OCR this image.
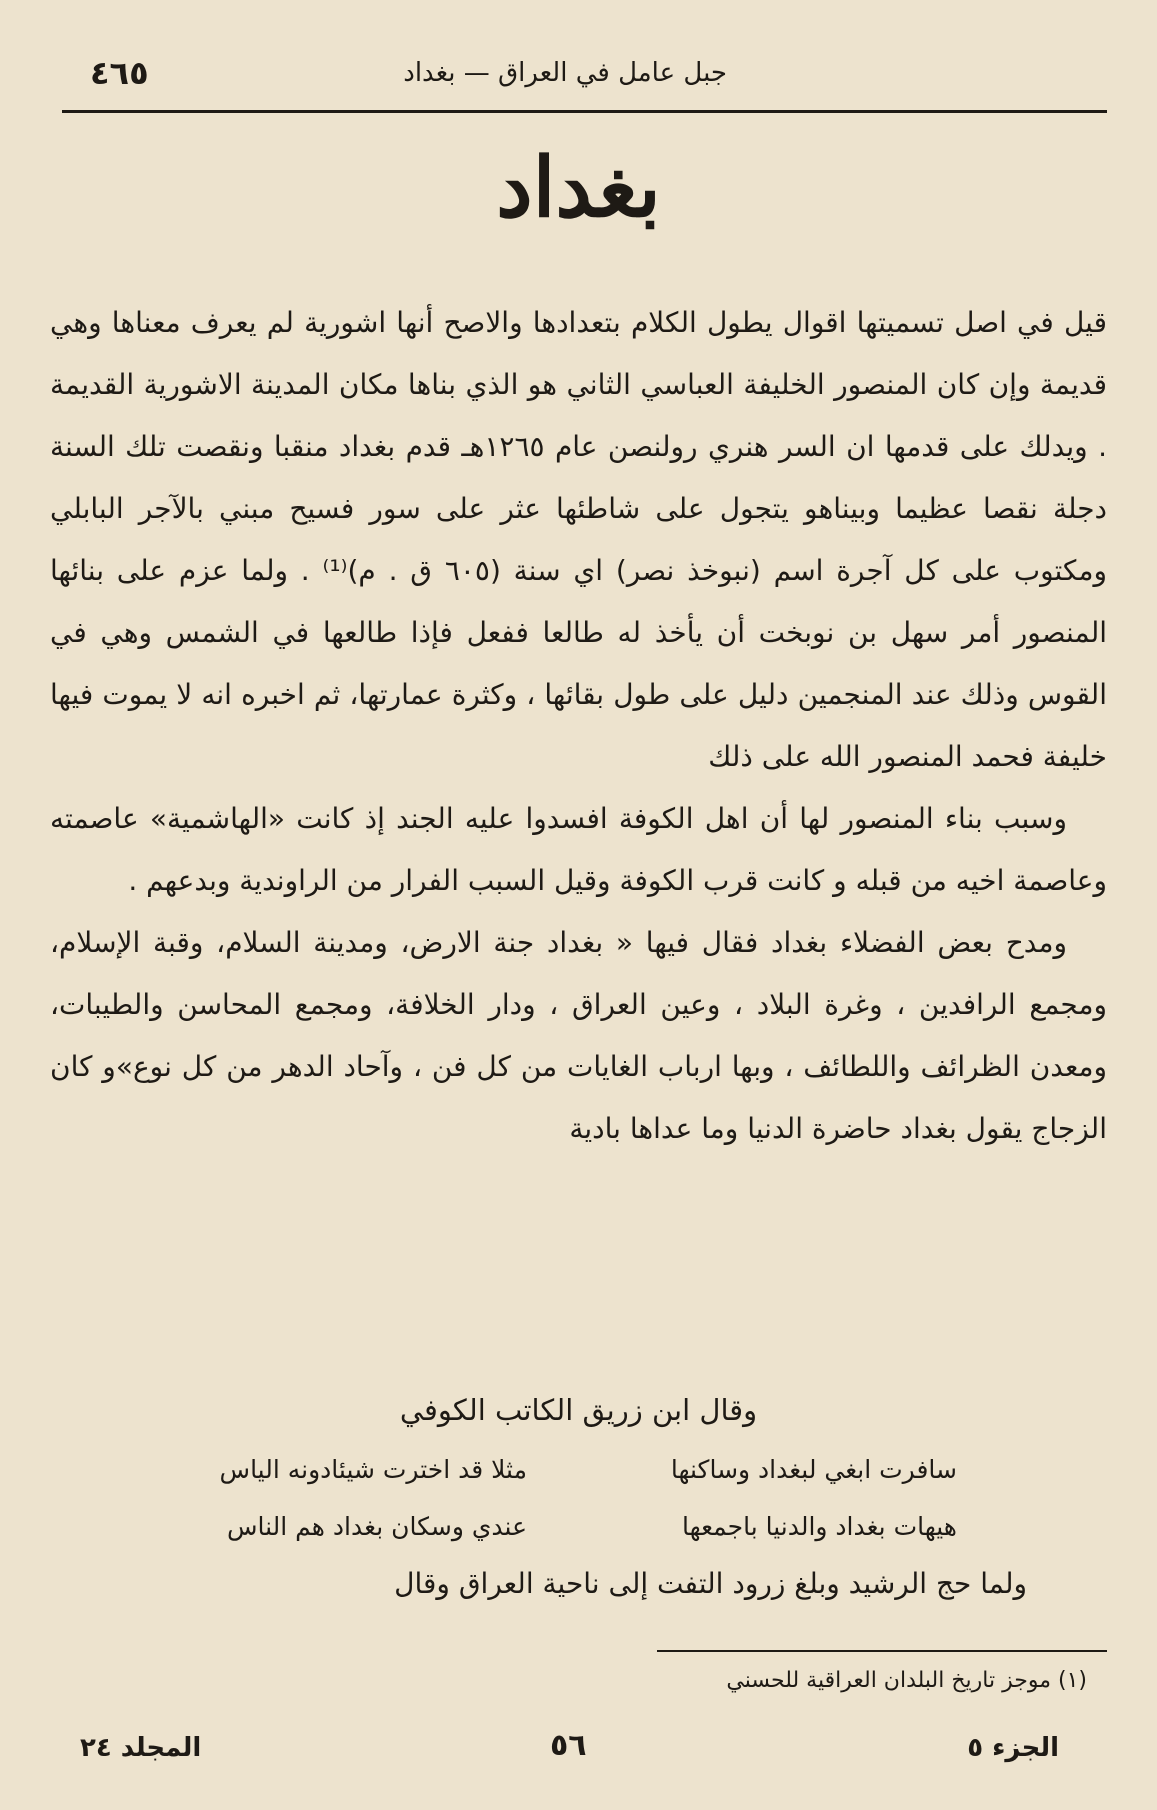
جبل عامل في العراق — بغداد
٤٦٥
بغداد

قيل في اصل تسميتها اقوال يطول الكلام بتعدادها والاصح أنها اشورية لم يعرف معناها وهي قديمة وإن كان المنصور الخليفة العباسي الثاني هو الذي بناها مكان المدينة الاشورية القديمة . ويدلك على قدمها ان السر هنري رولنصن عام ١٢٦٥هـ قدم بغداد منقبا ونقصت تلك السنة دجلة نقصا عظيما وبيناهو يتجول على شاطئها عثر على سور فسيح مبني بالآجر البابلي ومكتوب على كل آجرة اسم (نبوخذ نصر) اي سنة (٦٠٥ ق . م)⁽¹⁾ . ولما عزم على بنائها المنصور أمر سهل بن نوبخت أن يأخذ له طالعا ففعل فإذا طالعها في الشمس وهي في القوس وذلك عند المنجمين دليل على طول بقائها ، وكثرة عمارتها، ثم اخبره انه لا يموت فيها خليفة فحمد المنصور الله على ذلك

وسبب بناء المنصور لها أن اهل الكوفة افسدوا عليه الجند إذ كانت «الهاشمية» عاصمته وعاصمة اخيه من قبله و كانت قرب الكوفة وقيل السبب الفرار من الراوندية وبدعهم .

ومدح بعض الفضلاء بغداد فقال فيها « بغداد جنة الارض، ومدينة السلام، وقبة الإسلام، ومجمع الرافدين ، وغرة البلاد ، وعين العراق ، ودار الخلافة، ومجمع المحاسن والطيبات، ومعدن الظرائف واللطائف ، وبها ارباب الغايات من كل فن ، وآحاد الدهر من كل نوع»و كان الزجاج يقول بغداد حاضرة الدنيا وما عداها بادية

وقال ابن زريق الكاتب الكوفي
سافرت ابغي لبغداد وساكنها
مثلا قد اخترت شيئادونه الياس
هيهات بغداد والدنيا باجمعها
عندي وسكان بغداد هم الناس
ولما حج الرشيد وبلغ زرود التفت إلى ناحية العراق وقال
(١) موجز تاريخ البلدان العراقية للحسني
الجزء ٥
٥٦
المجلد ٢٤
